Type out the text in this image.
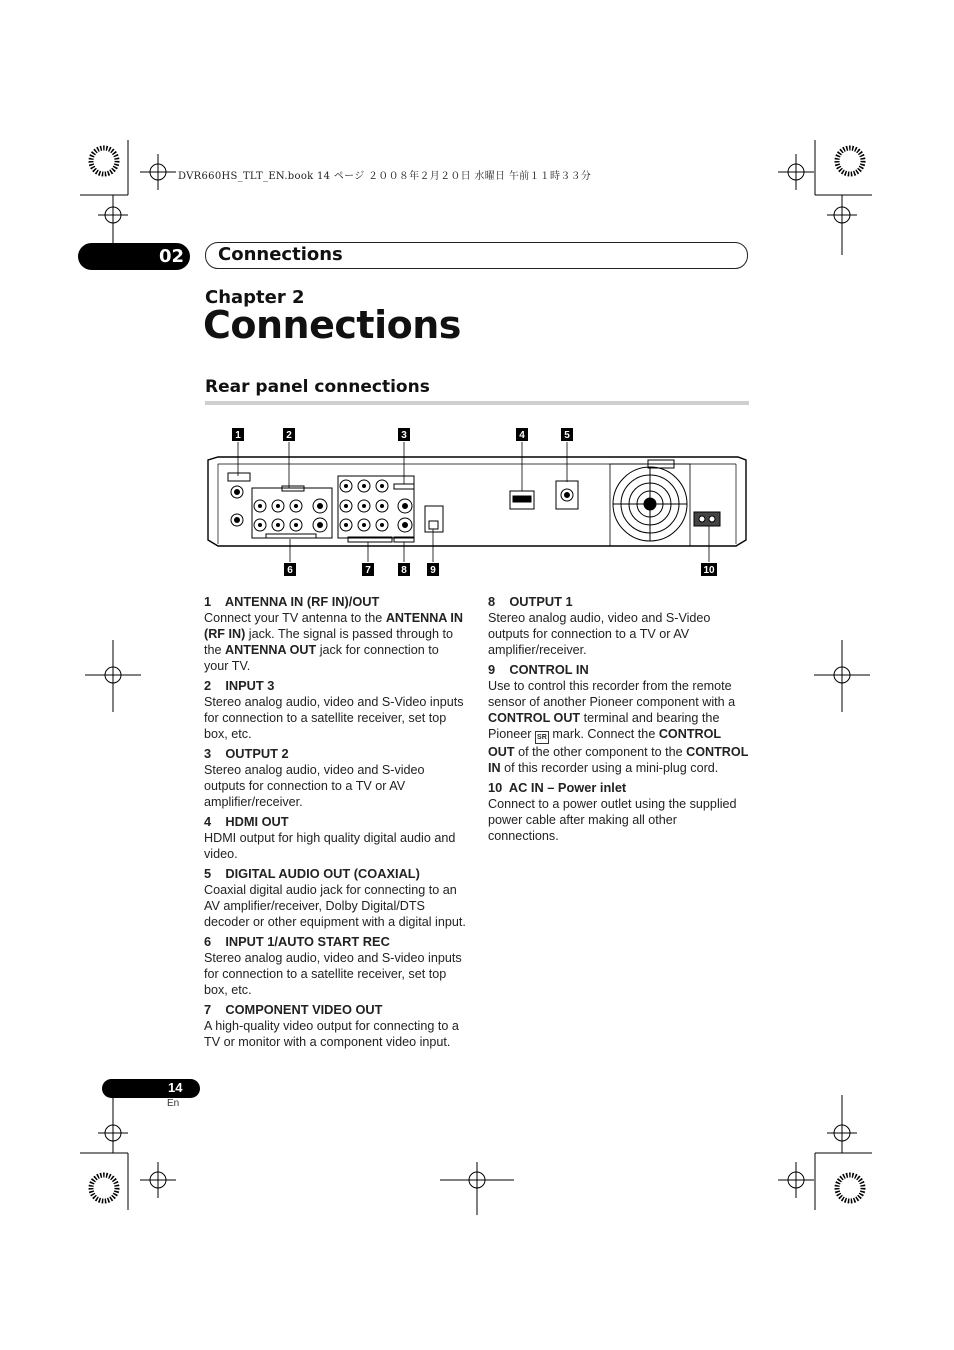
DVR660HS_TLT_EN.book 14 ページ ２００８年２月２０日 水曜日 午前１１時３３分
02 Connections
Chapter 2
Connections
Rear panel connections
1	2	3	4	5
6	7	8 9	10
1    ANTENNA IN (RF IN)/OUT

Connect your TV antenna to the ANTENNA IN (RF IN) jack. The signal is passed through to the ANTENNA OUT jack for connection to your TV.

2    INPUT 3

Stereo analog audio, video and S-Video inputs for connection to a satellite receiver, set top box, etc.

3    OUTPUT 2

Stereo analog audio, video and S-video outputs for connection to a TV or AV amplifier/receiver.

4    HDMI OUT

HDMI output for high quality digital audio and video.

5    DIGITAL AUDIO OUT (COAXIAL)

Coaxial digital audio jack for connecting to an AV amplifier/receiver, Dolby Digital/DTS decoder or other equipment with a digital input.

6    INPUT 1/AUTO START REC

Stereo analog audio, video and S-video inputs for connection to a satellite receiver, set top box, etc.

7    COMPONENT VIDEO OUT

A high-quality video output for connecting to a TV or monitor with a component video input.

8    OUTPUT 1

Stereo analog audio, video and S-Video outputs for connection to a TV or AV amplifier/receiver.

9    CONTROL IN

Use to control this recorder from the remote sensor of another Pioneer component with a CONTROL OUT terminal and bearing the Pioneer SR mark. Connect the CONTROL OUT of the other component to the CONTROL IN of this recorder using a mini-plug cord.

10  AC IN – Power inlet

Connect to a power outlet using the supplied power cable after making all other connections.

14
En
